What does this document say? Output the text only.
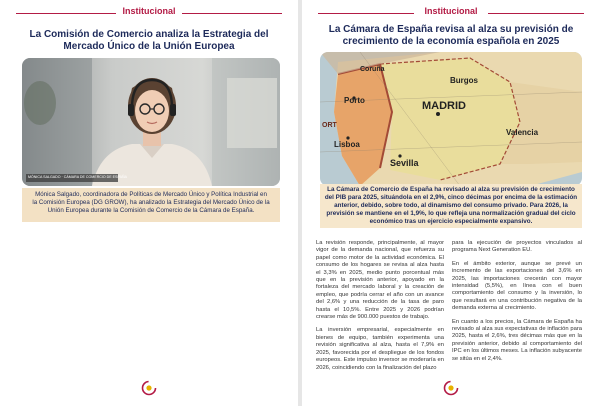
Institucional
La Comisión de Comercio analiza la Estrategia del Mercado Único de la Unión Europea
MÓNICA SALGADO · CÁMARA DE COMERCIO DE ESPAÑA
Mónica Salgado, coordinadora de Políticas de Mercado Único y Política Industrial en la Comisión Europea (DG GROW), ha analizado la Estrategia del Mercado Único de la Unión Europea durante la Comisión de Comercio de la Cámara de España.
Institucional
La Cámara de España revisa al alza su previsión de crecimiento de la economía española en 2025
Porto	MADRID
Lisboa
Sevilla
Coruña
Burgos
Valencia
ORT
La Cámara de Comercio de España ha revisado al alza su previsión de crecimiento del PIB para 2025, situándola en el 2,9%, cinco décimas por encima de la estimación anterior, debido, sobre todo, al dinamismo del consumo privado. Para 2026, la previsión se mantiene en el 1,9%, lo que refleja una normalización gradual del ciclo económico tras un ejercicio especialmente expansivo.

La revisión responde, principalmente, al mayor vigor de la demanda nacional, que refuerza su papel como motor de la actividad económica. El consumo de los hogares se revisa al alza hasta el 3,3% en 2025, medio punto porcentual más que en la previsión anterior, apoyado en la fortaleza del mercado laboral y la creación de empleo, que podría cerrar el año con un avance del 2,6% y una reducción de la tasa de paro hasta el 10,5%. Entre 2025 y 2026 podrían crearse más de 900.000 puestos de trabajo.

La inversión empresarial, especialmente en bienes de equipo, también experimenta una revisión significativa al alza, hasta el 7,9% en 2025, favorecida por el despliegue de los fondos europeos. Este impulso inversor se moderaría en 2026, coincidiendo con la finalización del plazo

para la ejecución de proyectos vinculados al programa Next Generation EU.

En el ámbito exterior, aunque se prevé un incremento de las exportaciones del 3,6% en 2025, las importaciones crecerán con mayor intensidad (5,5%), en línea con el buen comportamiento del consumo y la inversión, lo que resultará en una contribución negativa de la demanda externa al crecimiento.

En cuanto a los precios, la Cámara de España ha revisado al alza sus expectativas de inflación para 2025, hasta el 2,6%, tres décimas más que en la previsión anterior, debido al comportamiento del IPC en los últimos meses. La inflación subyacente se sitúa en el 2,4%.
